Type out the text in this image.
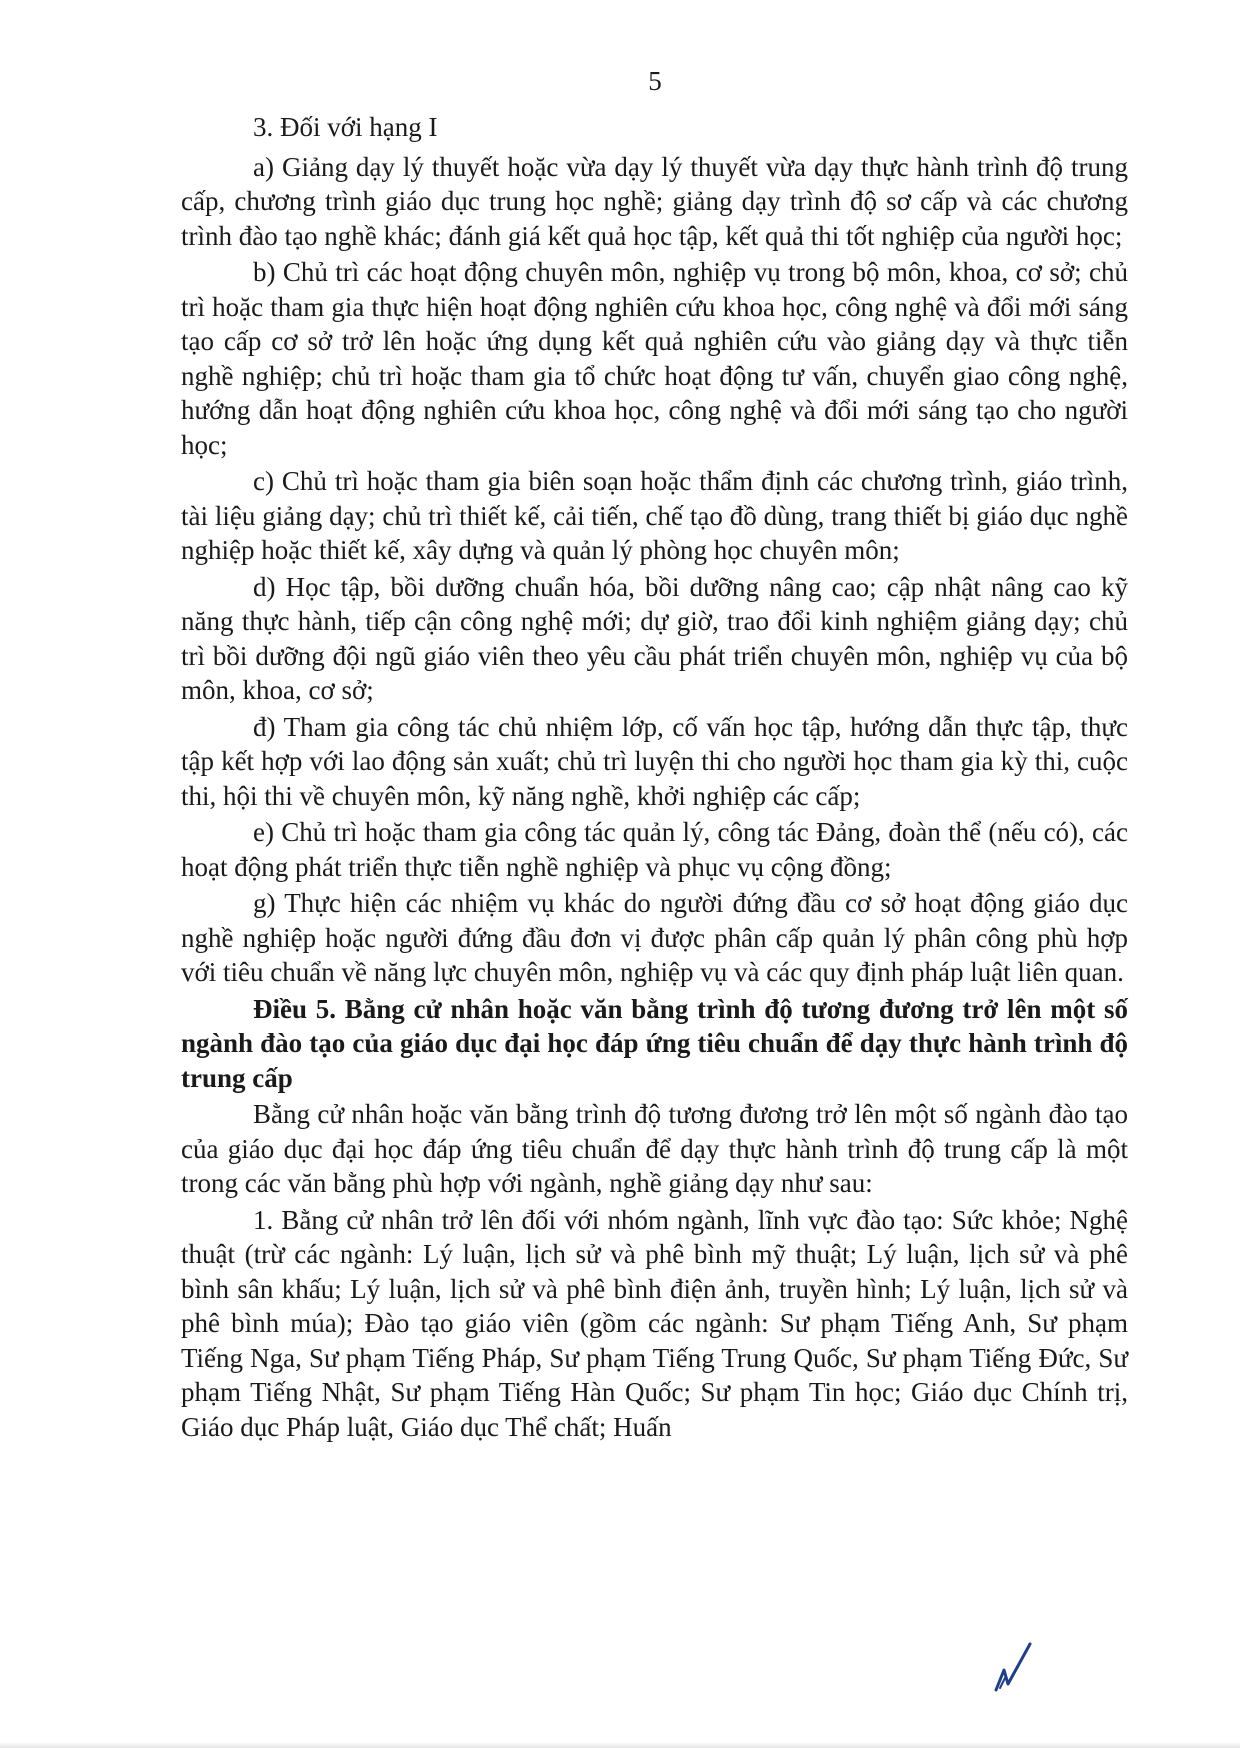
5

3. Đối với hạng I

a) Giảng dạy lý thuyết hoặc vừa dạy lý thuyết vừa dạy thực hành trình độ trung cấp, chương trình giáo dục trung học nghề; giảng dạy trình độ sơ cấp và các chương trình đào tạo nghề khác; đánh giá kết quả học tập, kết quả thi tốt nghiệp của người học;

b) Chủ trì các hoạt động chuyên môn, nghiệp vụ trong bộ môn, khoa, cơ sở; chủ trì hoặc tham gia thực hiện hoạt động nghiên cứu khoa học, công nghệ và đổi mới sáng tạo cấp cơ sở trở lên hoặc ứng dụng kết quả nghiên cứu vào giảng dạy và thực tiễn nghề nghiệp; chủ trì hoặc tham gia tổ chức hoạt động tư vấn, chuyển giao công nghệ, hướng dẫn hoạt động nghiên cứu khoa học, công nghệ và đổi mới sáng tạo cho người học;

c) Chủ trì hoặc tham gia biên soạn hoặc thẩm định các chương trình, giáo trình, tài liệu giảng dạy; chủ trì thiết kế, cải tiến, chế tạo đồ dùng, trang thiết bị giáo dục nghề nghiệp hoặc thiết kế, xây dựng và quản lý phòng học chuyên môn;

d) Học tập, bồi dưỡng chuẩn hóa, bồi dưỡng nâng cao; cập nhật nâng cao kỹ năng thực hành, tiếp cận công nghệ mới; dự giờ, trao đổi kinh nghiệm giảng dạy; chủ trì bồi dưỡng đội ngũ giáo viên theo yêu cầu phát triển chuyên môn, nghiệp vụ của bộ môn, khoa, cơ sở;

đ) Tham gia công tác chủ nhiệm lớp, cố vấn học tập, hướng dẫn thực tập, thực tập kết hợp với lao động sản xuất; chủ trì luyện thi cho người học tham gia kỳ thi, cuộc thi, hội thi về chuyên môn, kỹ năng nghề, khởi nghiệp các cấp;

e) Chủ trì hoặc tham gia công tác quản lý, công tác Đảng, đoàn thể (nếu có), các hoạt động phát triển thực tiễn nghề nghiệp và phục vụ cộng đồng;

g) Thực hiện các nhiệm vụ khác do người đứng đầu cơ sở hoạt động giáo dục nghề nghiệp hoặc người đứng đầu đơn vị được phân cấp quản lý phân công phù hợp với tiêu chuẩn về năng lực chuyên môn, nghiệp vụ và các quy định pháp luật liên quan.

Điều 5. Bằng cử nhân hoặc văn bằng trình độ tương đương trở lên một số ngành đào tạo của giáo dục đại học đáp ứng tiêu chuẩn để dạy thực hành trình độ trung cấp

Bằng cử nhân hoặc văn bằng trình độ tương đương trở lên một số ngành đào tạo của giáo dục đại học đáp ứng tiêu chuẩn để dạy thực hành trình độ trung cấp là một trong các văn bằng phù hợp với ngành, nghề giảng dạy như sau:

1. Bằng cử nhân trở lên đối với nhóm ngành, lĩnh vực đào tạo: Sức khỏe; Nghệ thuật (trừ các ngành: Lý luận, lịch sử và phê bình mỹ thuật; Lý luận, lịch sử và phê bình sân khấu; Lý luận, lịch sử và phê bình điện ảnh, truyền hình; Lý luận, lịch sử và phê bình múa); Đào tạo giáo viên (gồm các ngành: Sư phạm Tiếng Anh, Sư phạm Tiếng Nga, Sư phạm Tiếng Pháp, Sư phạm Tiếng Trung Quốc, Sư phạm Tiếng Đức, Sư phạm Tiếng Nhật, Sư phạm Tiếng Hàn Quốc; Sư phạm Tin học; Giáo dục Chính trị, Giáo dục Pháp luật, Giáo dục Thể chất; Huấn
